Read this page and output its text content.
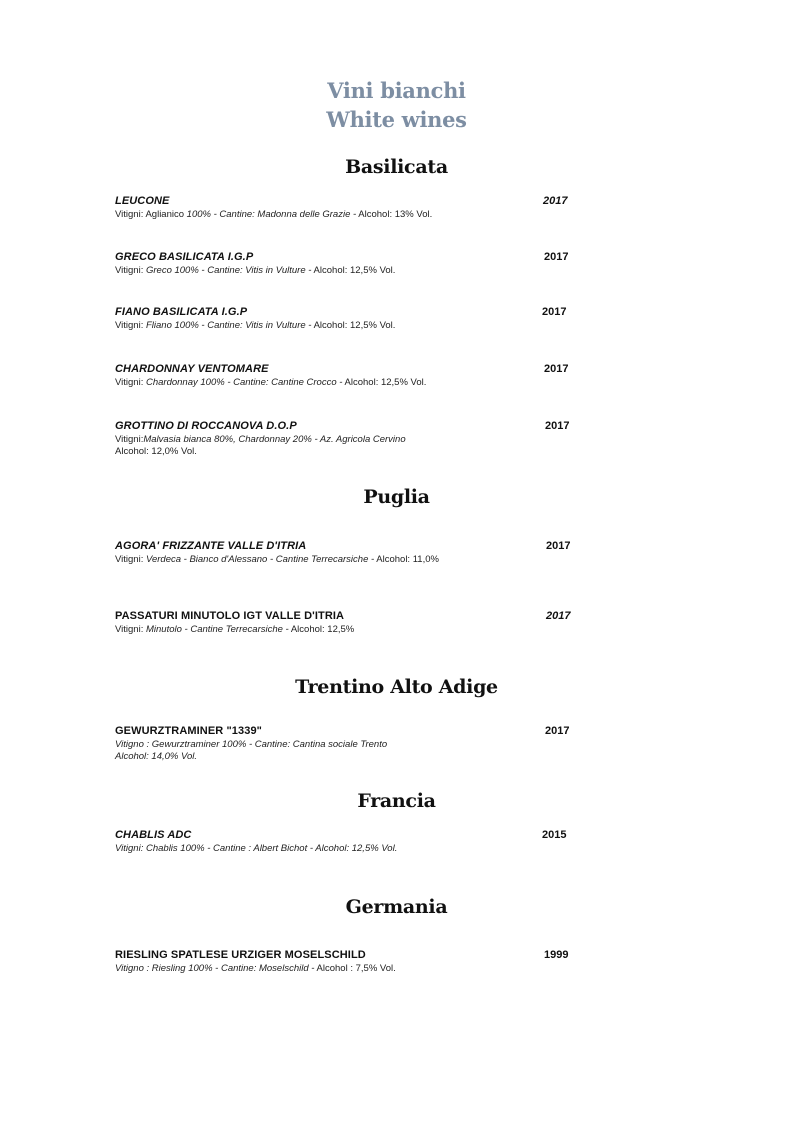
Vini bianchi
White wines
Basilicata
LEUCONE	2017
Vitigni: Aglianico 100% - Cantine: Madonna delle Grazie - Alcohol: 13% Vol.
GRECO BASILICATA I.G.P	2017
Vitigni: Greco 100% - Cantine: Vitis in Vulture - Alcohol: 12,5% Vol.
FIANO BASILICATA I.G.P	2017
Vitigni: Fliano 100% - Cantine: Vitis in Vulture - Alcohol: 12,5% Vol.
CHARDONNAY VENTOMARE	2017
Vitigni: Chardonnay 100% - Cantine: Cantine Crocco - Alcohol: 12,5% Vol.
GROTTINO DI ROCCANOVA D.O.P	2017
Vitigni:Malvasia bianca 80%, Chardonnay 20% - Az. Agricola Cervino
Alcohol: 12,0% Vol.
Puglia
AGORA' FRIZZANTE VALLE D'ITRIA	2017
Vitigni: Verdeca - Bianco d'Alessano - Cantine Terrecarsiche - Alcohol: 11,0%
PASSATURI MINUTOLO IGT VALLE D'ITRIA	2017
Vitigni: Minutolo - Cantine Terrecarsiche - Alcohol: 12,5%
Trentino Alto Adige
GEWURZTRAMINER "1339"	2017
Vitigno : Gewurztraminer 100% - Cantine: Cantina sociale Trento
Alcohol: 14,0% Vol.
Francia
CHABLIS ADC	2015
Vitigni: Chablis 100% - Cantine : Albert Bichot - Alcohol: 12,5% Vol.
Germania
RIESLING SPATLESE URZIGER MOSELSCHILD	1999
Vitigno : Riesling 100% - Cantine: Moselschild - Alcohol : 7,5% Vol.
